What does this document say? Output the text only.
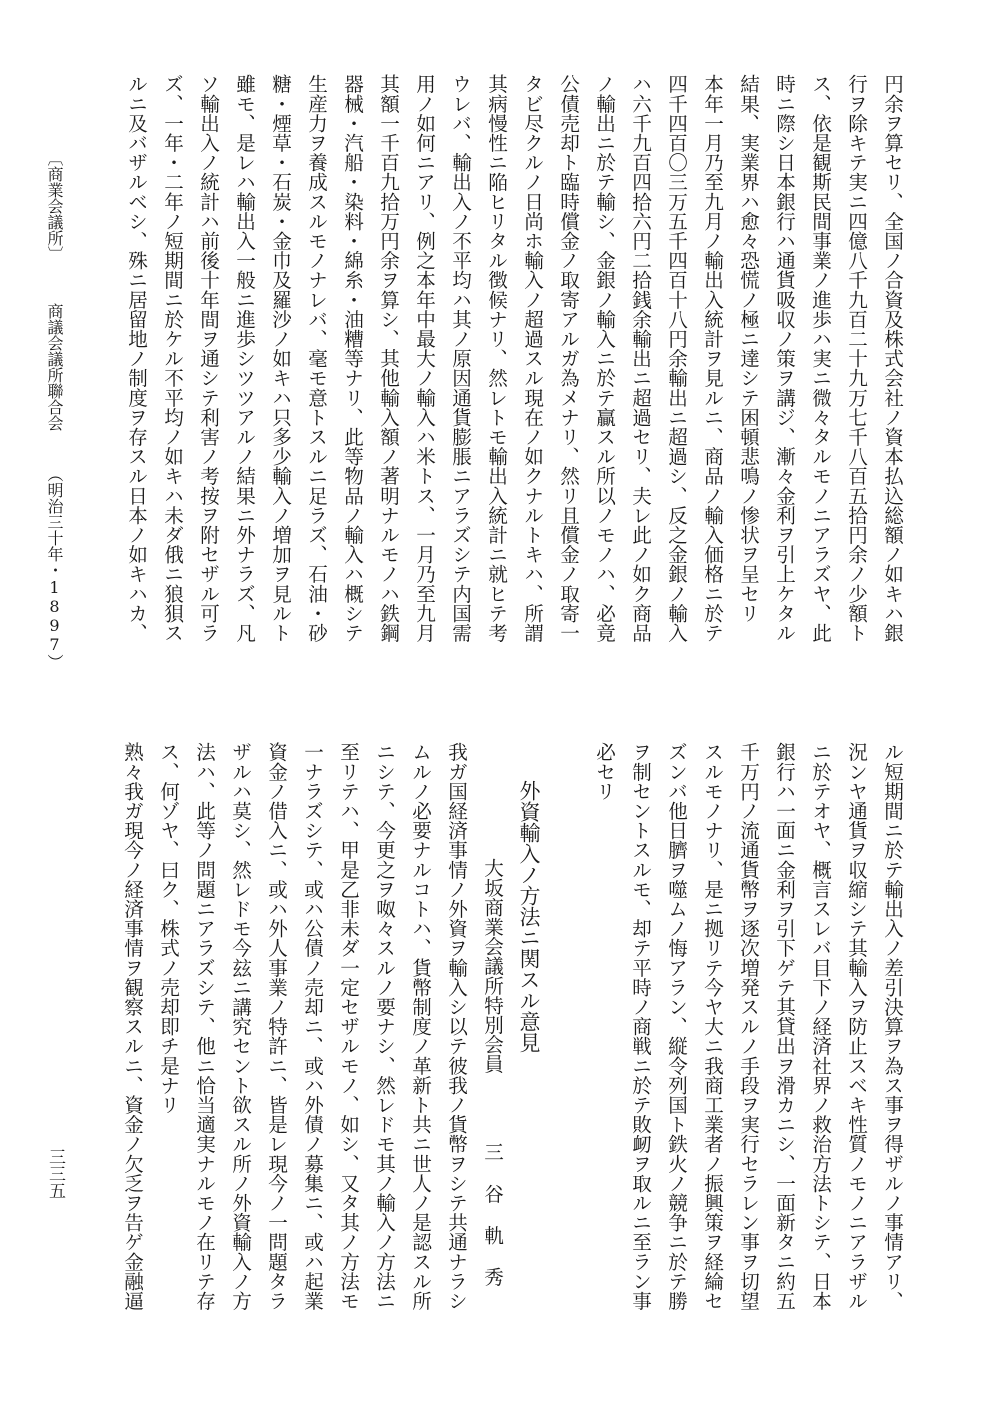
円余ヲ算セリ、全国ノ合資及株式会社ノ資本払込総額ノ如キハ銀

行ヲ除キテ実ニ四億八千九百二十九万七千八百五拾円余ノ少額ト

ス、依是観斯民間事業ノ進歩ハ実ニ微々タルモノニアラズヤ、此

時ニ際シ日本銀行ハ通貨吸収ノ策ヲ講ジ、漸々金利ヲ引上ケタル

結果、実業界ハ愈々恐慌ノ極ニ達シテ困頓悲鳴ノ惨状ヲ呈セリ

本年一月乃至九月ノ輸出入統計ヲ見ルニ、商品ノ輸入価格ニ於テ

四千四百〇三万五千四百十八円余輸出ニ超過シ、反之金銀ノ輸入

ハ六千九百四拾六円二拾銭余輸出ニ超過セリ、夫レ此ノ如ク商品

ノ輸出ニ於テ輸シ、金銀ノ輸入ニ於テ贏スル所以ノモノハ、必竟

公債売却ト臨時償金ノ取寄アルガ為メナリ、然リ且償金ノ取寄一

タビ尽クルノ日尚ホ輸入ノ超過スル現在ノ如クナルトキハ、所謂

其病慢性ニ陥ヒリタル徴候ナリ、然レトモ輸出入統計ニ就ヒテ考

ウレバ、輸出入ノ不平均ハ其ノ原因通貨膨脹ニアラズシテ内国需

用ノ如何ニアリ、例之本年中最大ノ輸入ハ米トス、一月乃至九月

其額一千百九拾万円余ヲ算シ、其他輸入額ノ著明ナルモノハ鉄鋼

器械・汽船・染料・綿糸・油糟等ナリ、此等物品ノ輸入ハ概シテ

生産力ヲ養成スルモノナレバ、毫モ意トスルニ足ラズ、石油・砂

糖・煙草・石炭・金巾及羅沙ノ如キハ只多少輸入ノ増加ヲ見ルト

雖モ、是レハ輸出入一般ニ進歩シツツアルノ結果ニ外ナラズ、凡

ソ輸出入ノ統計ハ前後十年間ヲ通シテ利害ノ考按ヲ附セザル可ラ

ズ、一年・二年ノ短期間ニ於ケル不平均ノ如キハ未ダ俄ニ狼狽ス

ルニ及バザルベシ、殊ニ居留地ノ制度ヲ存スル日本ノ如キハカ、

〔商業会議所〕 商議会議所聯合会 （明治三十年・1897）

ル短期間ニ於テ輸出入ノ差引決算ヲ為ス事ヲ得ザルノ事情アリ、

況ンヤ通貨ヲ収縮シテ其輸入ヲ防止スベキ性質ノモノニアラザル

ニ於テオヤ、概言スレバ目下ノ経済社界ノ救治方法トシテ、日本

銀行ハ一面ニ金利ヲ引下ゲテ其貸出ヲ滑カニシ、一面新タニ約五

千万円ノ流通貨幣ヲ逐次増発スルノ手段ヲ実行セラレン事ヲ切望

スルモノナリ、是ニ拠リテ今ヤ大ニ我商工業者ノ振興策ヲ経綸セ

ズンバ他日臍ヲ噬ムノ悔アラン、縦令列国ト鉄火ノ競争ニ於テ勝

ヲ制セントスルモ、却テ平時ノ商戦ニ於テ敗衂ヲ取ルニ至ラン事

必セリ

外資輸入ノ方法ニ関スル意見

大坂商業会議所特別会員

三谷軌秀

我ガ国経済事情ノ外資ヲ輸入シ以テ彼我ノ貨幣ヲシテ共通ナラシ

ムルノ必要ナルコトハ、貨幣制度ノ革新ト共ニ世人ノ是認スル所

ニシテ、今更之ヲ呶々スルノ要ナシ、然レドモ其ノ輸入ノ方法ニ

至リテハ、甲是乙非未ダ一定セザルモノ、如シ、又タ其ノ方法モ

一ナラズシテ、或ハ公債ノ売却ニ、或ハ外債ノ募集ニ、或ハ起業

資金ノ借入ニ、或ハ外人事業ノ特許ニ、皆是レ現今ノ一問題タラ

ザルハ莫シ、然レドモ今玆ニ講究セント欲スル所ノ外資輸入ノ方

法ハ、此等ノ問題ニアラズシテ、他ニ恰当適実ナルモノ在リテ存

ス、何ゾヤ、曰ク、株式ノ売却即チ是ナリ

熟々我ガ現今ノ経済事情ヲ観察スルニ、資金ノ欠乏ヲ告ゲ金融逼

三三五
